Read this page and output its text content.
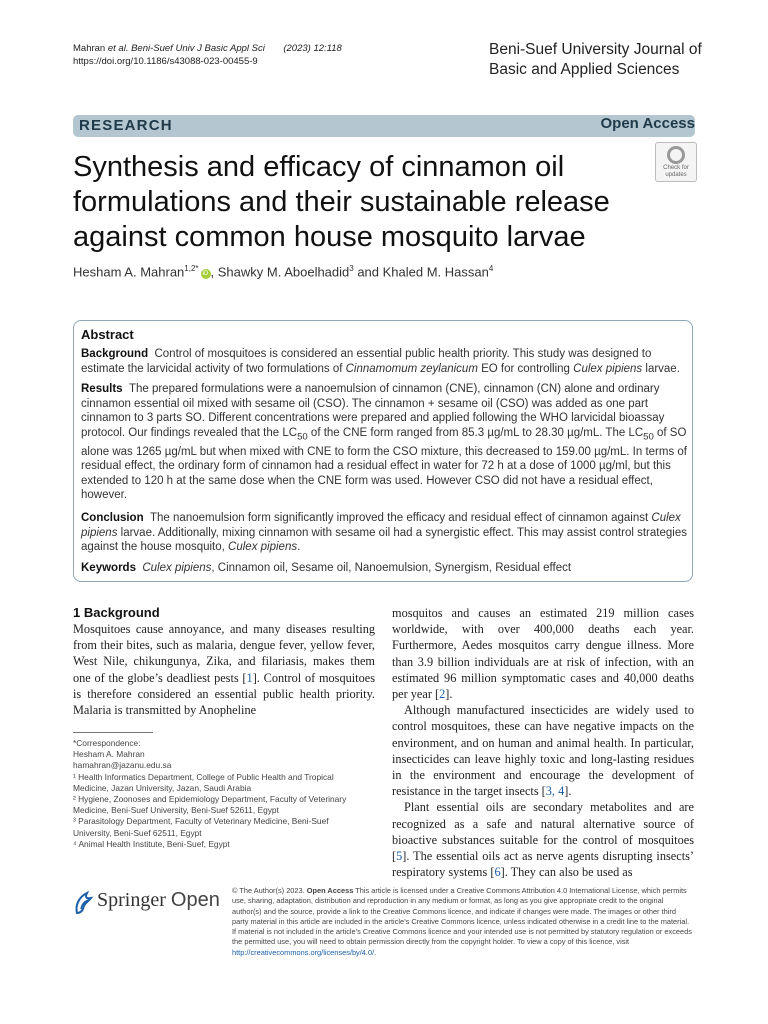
Mahran et al. Beni-Suef Univ J Basic Appl Sci (2023) 12:118
https://doi.org/10.1186/s43088-023-00455-9
Beni-Suef University Journal of
Basic and Applied Sciences
RESEARCH	Open Access
Synthesis and efficacy of cinnamon oil formulations and their sustainable release against common house mosquito larvae
Check for
updates
Hesham A. Mahran$^{1,2*}$iD , Shawky M. Aboelhadid$^3$ and Khaled M. Hassan$^4$
Abstract

Background Control of mosquitoes is considered an essential public health priority. This study was designed to estimate the larvicidal activity of two formulations of Cinnamomum zeylanicum EO for controlling Culex pipiens larvae.

Results The prepared formulations were a nanoemulsion of cinnamon (CNE), cinnamon (CN) alone and ordinary cinnamon essential oil mixed with sesame oil (CSO). The cinnamon + sesame oil (CSO) was added as one part cinnamon to 3 parts SO. Different concentrations were prepared and applied following the WHO larvicidal bioassay protocol. Our findings revealed that the $LC_{50}$ of the CNE form ranged from 85.3 µg/mL to 28.30 µg/mL. The $LC_{50}$ of SO alone was 1265 µg/mL but when mixed with CNE to form the CSO mixture, this decreased to 159.00 µg/mL. In terms of residual effect, the ordinary form of cinnamon had a residual effect in water for 72 h at a dose of 1000 µg/ml, but this extended to 120 h at the same dose when the CNE form was used. However CSO did not have a residual effect, however.

Conclusion The nanoemulsion form significantly improved the efficacy and residual effect of cinnamon against Culex pipiens larvae. Additionally, mixing cinnamon with sesame oil had a synergistic effect. This may assist control strategies against the house mosquito, Culex pipiens.

Keywords Culex pipiens, Cinnamon oil, Sesame oil, Nanoemulsion, Synergism, Residual effect

1 Background

Mosquitoes cause annoyance, and many diseases resulting from their bites, such as malaria, dengue fever, yellow fever, West Nile, chikungunya, Zika, and filariasis, makes them one of the globe’s deadliest pests [1]. Control of mosquitoes is therefore considered an essential public health priority. Malaria is transmitted by Anopheline

mosquitos and causes an estimated 219 million cases worldwide, with over 400,000 deaths each year. Furthermore, Aedes mosquitos carry dengue illness. More than 3.9 billion individuals are at risk of infection, with an estimated 96 million symptomatic cases and 40,000 deaths per year [2].
Although manufactured insecticides are widely used to control mosquitoes, these can have negative impacts on the environment, and on human and animal health. In particular, insecticides can leave highly toxic and long-lasting residues in the environment and encourage the development of resistance in the target insects [3, 4].
Plant essential oils are secondary metabolites and are recognized as a safe and natural alternative source of bioactive substances suitable for the control of mosquitoes [5]. The essential oils act as nerve agents disrupting insects’ respiratory systems [6]. They can also be used as
*Correspondence:
Hesham A. Mahran
hamahran@jazanu.edu.sa
¹ Health Informatics Department, College of Public Health and Tropical Medicine, Jazan University, Jazan, Saudi Arabia
² Hygiene, Zoonoses and Epidemiology Department, Faculty of Veterinary Medicine, Beni-Suef University, Beni-Suef 52611, Egypt
³ Parasitology Department, Faculty of Veterinary Medicine, Beni-Suef University, Beni-Suef 62511, Egypt
⁴ Animal Health Institute, Beni-Suef, Egypt
Springer Open © The Author(s) 2023. Open Access This article is licensed under a Creative Commons Attribution 4.0 International License, which permits use, sharing, adaptation, distribution and reproduction in any medium or format, as long as you give appropriate credit to the original author(s) and the source, provide a link to the Creative Commons licence, and indicate if changes were made. The images or other third party material in this article are included in the article’s Creative Commons licence, unless indicated otherwise in a credit line to the material. If material is not included in the article’s Creative Commons licence and your intended use is not permitted by statutory regulation or exceeds the permitted use, you will need to obtain permission directly from the copyright holder. To view a copy of this licence, visit http://creativecommons.org/licenses/by/4.0/.
